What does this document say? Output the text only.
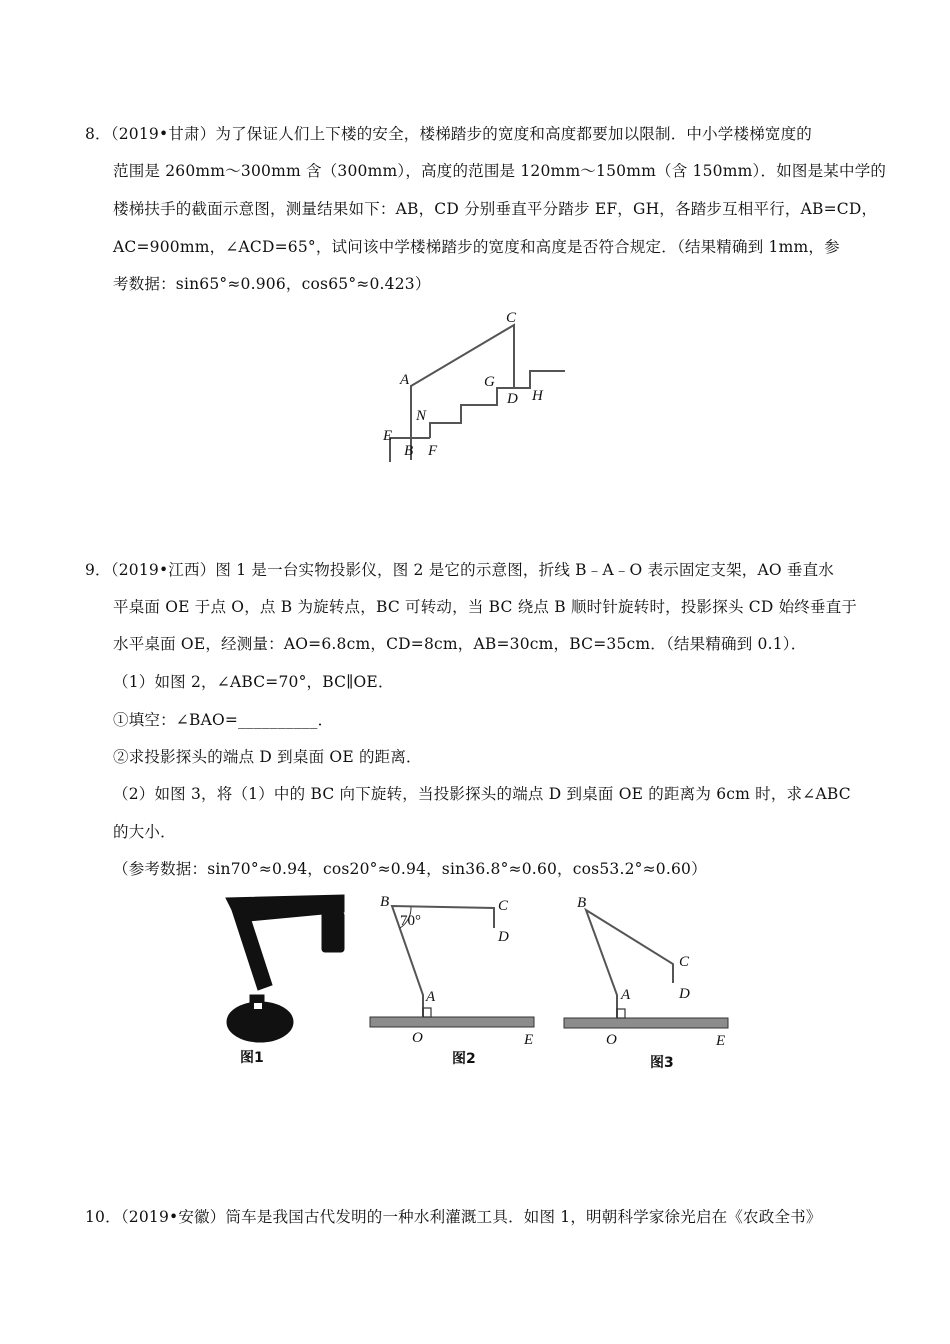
8．（2019•甘肃）为了保证人们上下楼的安全，楼梯踏步的宽度和高度都要加以限制．中小学楼梯宽度的
范围是 260mm～300mm 含（300mm），高度的范围是 120mm～150mm（含 150mm）．如图是某中学的
楼梯扶手的截面示意图，测量结果如下：AB，CD 分别垂直平分踏步 EF，GH，各踏步互相平行，AB=CD，
AC=900mm，∠ACD=65°，试问该中学楼梯踏步的宽度和高度是否符合规定．（结果精确到 1mm，参
考数据：sin65°≈0.906，cos65°≈0.423）
E
B F
N
A
C
G
D H
9．（2019•江西）图 1 是一台实物投影仪，图 2 是它的示意图，折线 B﹣A﹣O 表示固定支架，AO 垂直水
平桌面 OE 于点 O，点 B 为旋转点，BC 可转动，当 BC 绕点 B 顺时针旋转时，投影探头 CD 始终垂直于
水平桌面 OE，经测量：AO=6.8cm，CD=8cm，AB=30cm，BC=35cm．（结果精确到 0.1）．
（1）如图 2，∠ABC=70°，BC∥OE．
①填空：∠BAO=__________．
②求投影探头的端点 D 到桌面 OE 的距离．
（2）如图 3，将（1）中的 BC 向下旋转，当投影探头的端点 D 到桌面 OE 的距离为 6cm 时，求∠ABC
的大小．
（参考数据：sin70°≈0.94，cos20°≈0.94，sin36.8°≈0.60，cos53.2°≈0.60）
图1
B
70°
C
D
A
O	E
图2
B
C
D
A
O	E
图3
10．（2019•安徽）筒车是我国古代发明的一种水利灌溉工具．如图 1，明朝科学家徐光启在《农政全书》
